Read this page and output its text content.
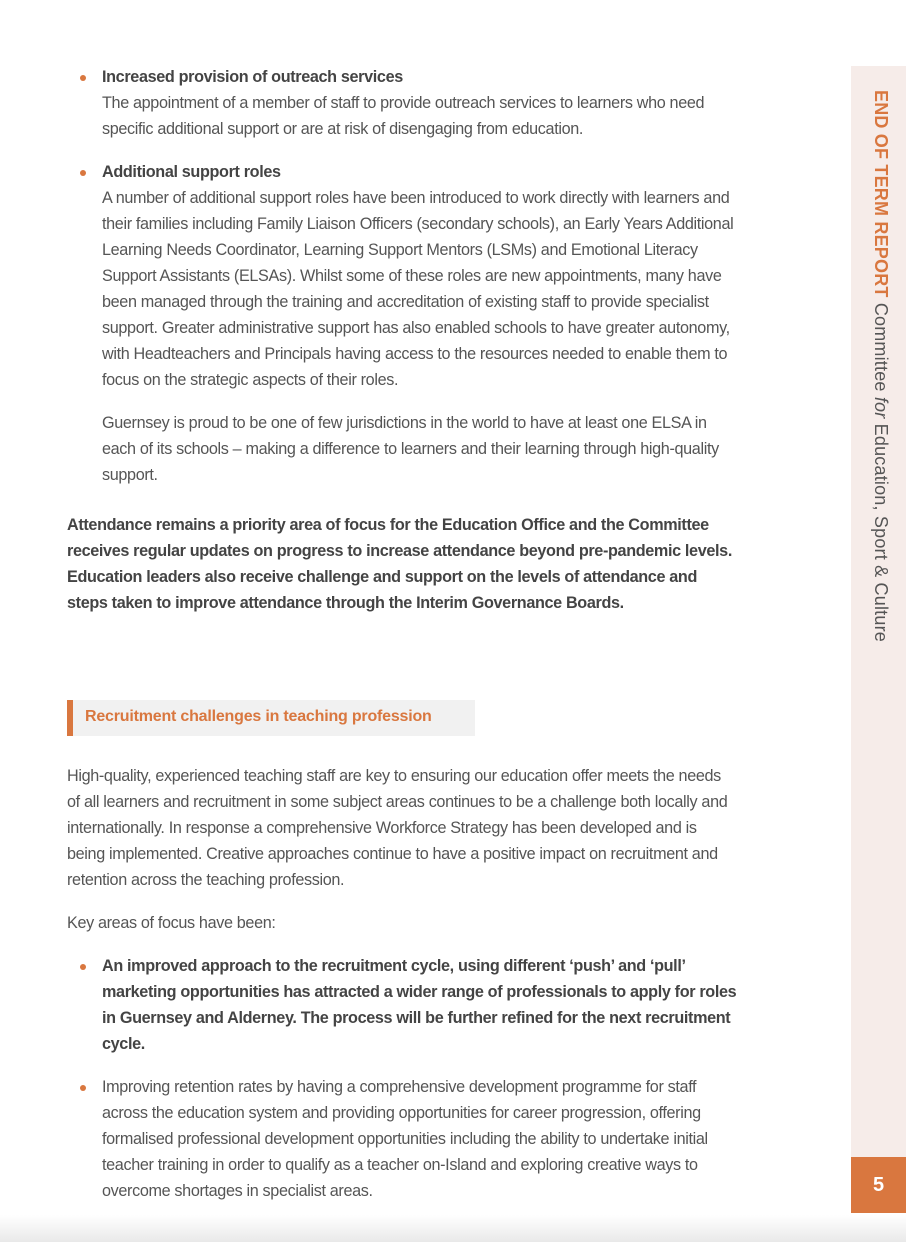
Increased provision of outreach services
The appointment of a member of staff to provide outreach services to learners who need specific additional support or are at risk of disengaging from education.
Additional support roles
A number of additional support roles have been introduced to work directly with learners and their families including Family Liaison Officers (secondary schools), an Early Years Additional Learning Needs Coordinator, Learning Support Mentors (LSMs) and Emotional Literacy Support Assistants (ELSAs). Whilst some of these roles are new appointments, many have been managed through the training and accreditation of existing staff to provide specialist support. Greater administrative support has also enabled schools to have greater autonomy, with Headteachers and Principals having access to the resources needed to enable them to focus on the strategic aspects of their roles.
Guernsey is proud to be one of few jurisdictions in the world to have at least one ELSA in each of its schools – making a difference to learners and their learning through high-quality support.

Attendance remains a priority area of focus for the Education Office and the Committee receives regular updates on progress to increase attendance beyond pre-pandemic levels. Education leaders also receive challenge and support on the levels of attendance and steps taken to improve attendance through the Interim Governance Boards.

Recruitment challenges in teaching profession

High-quality, experienced teaching staff are key to ensuring our education offer meets the needs of all learners and recruitment in some subject areas continues to be a challenge both locally and internationally. In response a comprehensive Workforce Strategy has been developed and is being implemented. Creative approaches continue to have a positive impact on recruitment and retention across the teaching profession.

Key areas of focus have been:

An improved approach to the recruitment cycle, using different ‘push’ and ‘pull’ marketing opportunities has attracted a wider range of professionals to apply for roles in Guernsey and Alderney. The process will be further refined for the next recruitment cycle.
Improving retention rates by having a comprehensive development programme for staff across the education system and providing opportunities for career progression, offering formalised professional development opportunities including the ability to undertake initial teacher training in order to qualify as a teacher on-Island and exploring creative ways to overcome shortages in specialist areas.
END OF TERM REPORT Committee for Education, Sport & Culture
5
